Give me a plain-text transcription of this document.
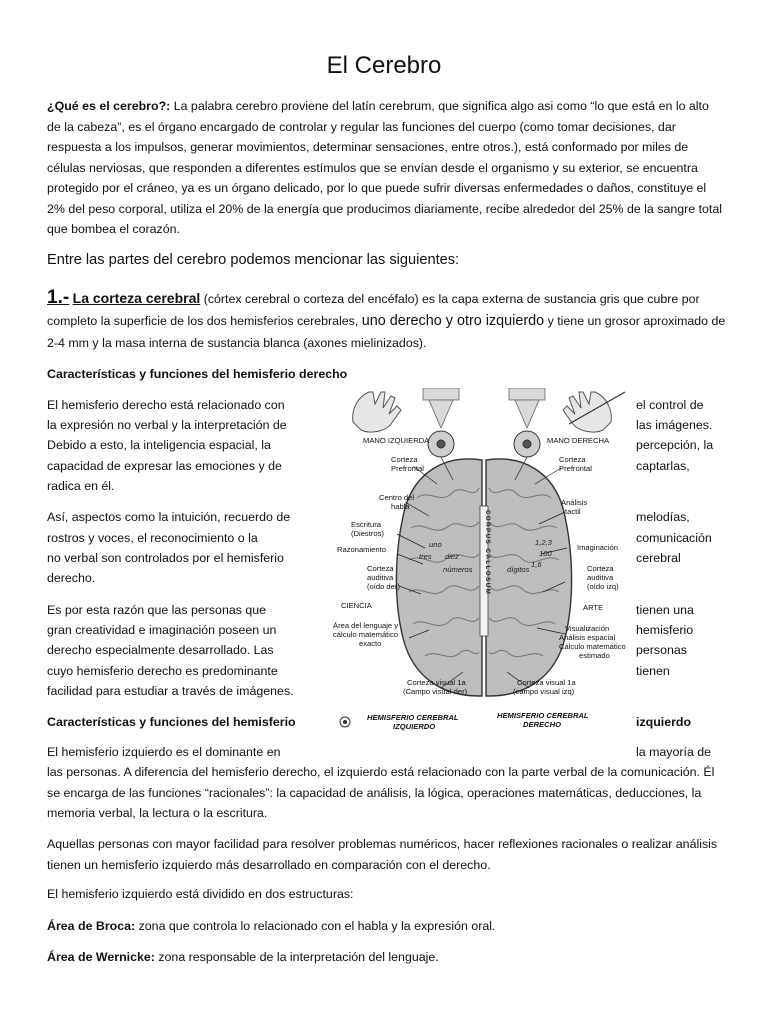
El Cerebro
¿Qué es el cerebro?: La palabra cerebro proviene del latín cerebrum, que significa algo asi como “lo que está en lo alto de la cabeza”, es el órgano encargado de controlar y regular las funciones del cuerpo (como tomar decisiones, dar respuesta a los impulsos, generar movimientos, determinar sensaciones, entre otros.), está conformado por miles de células nerviosas, que responden a diferentes estímulos que se envían desde el organismo y su exterior, se encuentra protegido por el cráneo, ya es un órgano delicado, por lo que puede sufrir diversas enfermedades o daños, constituye el 2% del peso corporal, utiliza el 20% de la energía que producimos diariamente, recibe alrededor del 25% de la sangre total que bombea el corazón.
Entre las partes del cerebro podemos mencionar las siguientes:
1.- La corteza cerebral (córtex cerebral o corteza del encéfalo) es la capa externa de sustancia gris que cubre por completo la superficie de los dos hemisferios cerebrales, uno derecho y otro izquierdo y tiene un grosor aproximado de 2-4 mm y la masa interna de sustancia blanca (axones mielinizados).
Características y funciones del hemisferio derecho
El hemisferio derecho está relacionado con
la expresión no verbal y la interpretación de
Debido a esto, la inteligencia espacial, la
capacidad de expresar las emociones y de
radica en él.
Así, aspectos como la intuición, recuerdo de
rostros y voces, el reconocimiento o la
no verbal son controlados por el hemisferio
derecho.
Es por esta razón que las personas que
gran creatividad e imaginación poseen un
derecho especialmente desarrollado. Las
cuyo hemisferio derecho es predominante
facilidad para estudiar a través de imágenes.
el control de
las imágenes.
percepción, la
captarlas,
melodías,
comunicación
cerebral
tienen una
hemisferio
personas
tienen
MANO IZQUIERDA	MANO DERECHA
Corteza
Prefrontal
Corteza
Prefrontal
Centro del
habla
Escritura
(Diestros)
Razonamiento
Corteza
auditiva
(oído der)
CIENCIA
Área del lenguaje y
cálculo matemático
exacto
Análisis
tactil
Imaginación
Corteza
auditiva
(oído izq)
ARTE
Visualización
Análisis espacial
Cálculo matemático
estimado
Corteza visual 1a
(Campo visual der)
Corteza visual 1a
(campo visual izq)
uno
tres diez
números	dígitos
1,2,3
100
1,6
CORPUS CALLOSUM
HEMISFERIO CEREBRAL
IZQUIERDO
HEMISFERIO CEREBRAL
DERECHO
Características y funciones del hemisferio	izquierdo
El hemisferio izquierdo es el dominante en	la mayoría de
las personas. A diferencia del hemisferio derecho, el izquierdo está relacionado con la parte verbal de la comunicación. Él se encarga de las funciones “racionales”: la capacidad de análisis, la lógica, operaciones matemáticas, deducciones, la memoria verbal, la lectura o la escritura.
Aquellas personas con mayor facilidad para resolver problemas numéricos, hacer reflexiones racionales o realizar análisis tienen un hemisferio izquierdo más desarrollado en comparación con el derecho.
El hemisferio izquierdo está dividido en dos estructuras:
Área de Broca: zona que controla lo relacionado con el habla y la expresión oral.
Área de Wernicke: zona responsable de la interpretación del lenguaje.
